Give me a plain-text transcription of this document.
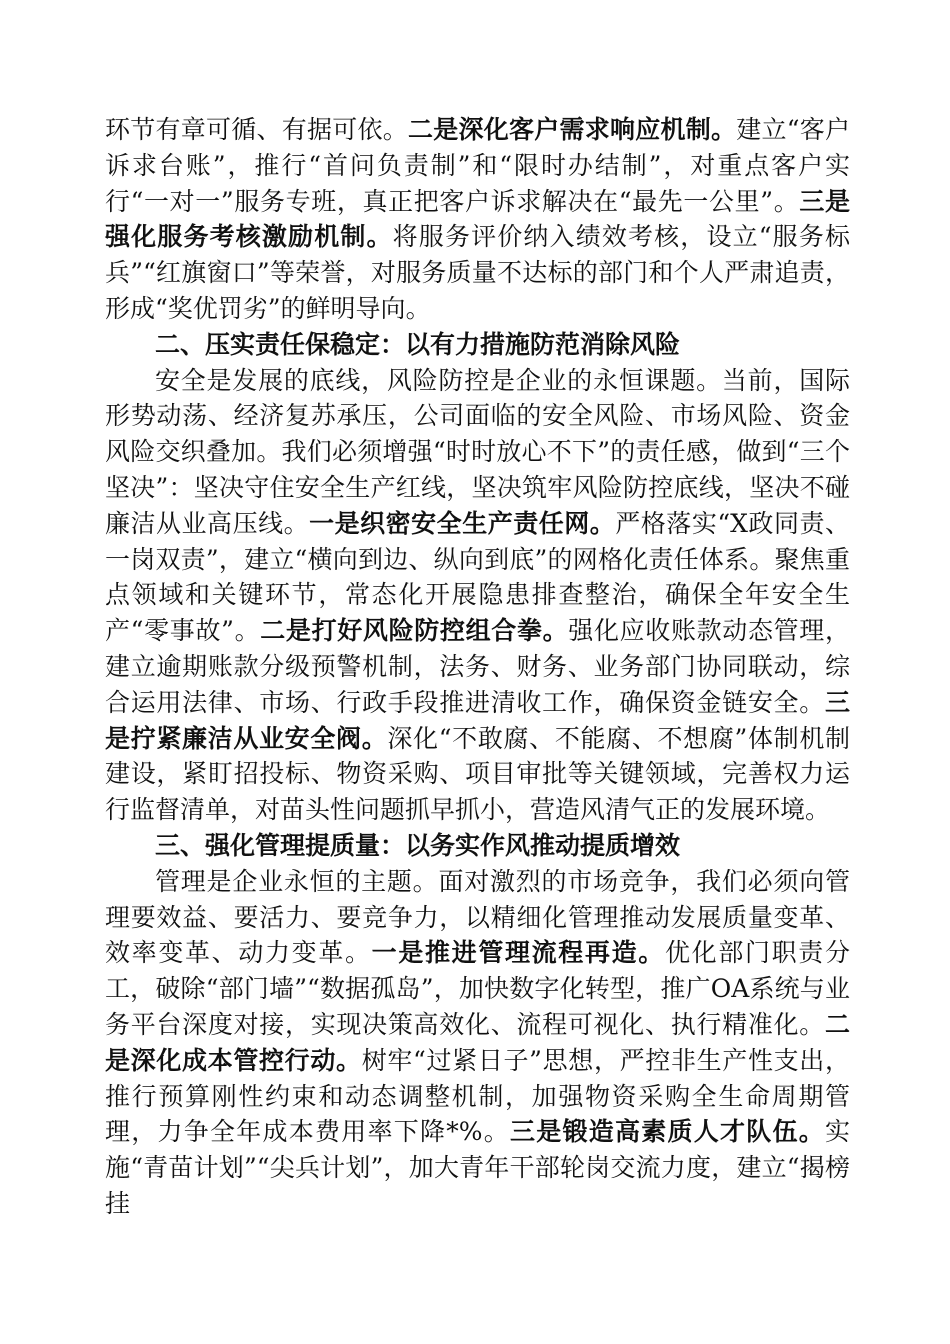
环节有章可循、有据可依。二是深化客户需求响应机制。建立“客户诉求台账”，推行“首问负责制”和“限时办结制”，对重点客户实行“一对一”服务专班，真正把客户诉求解决在“最先一公里”。三是强化服务考核激励机制。将服务评价纳入绩效考核，设立“服务标兵”“红旗窗口”等荣誉，对服务质量不达标的部门和个人严肃追责，形成“奖优罚劣”的鲜明导向。

二、压实责任保稳定：以有力措施防范消除风险

安全是发展的底线，风险防控是企业的永恒课题。当前，国际形势动荡、经济复苏承压，公司面临的安全风险、市场风险、资金风险交织叠加。我们必须增强“时时放心不下”的责任感，做到“三个坚决”：坚决守住安全生产红线，坚决筑牢风险防控底线，坚决不碰廉洁从业高压线。一是织密安全生产责任网。严格落实“X政同责、一岗双责”，建立“横向到边、纵向到底”的网格化责任体系。聚焦重点领域和关键环节，常态化开展隐患排查整治，确保全年安全生产“零事故”。二是打好风险防控组合拳。强化应收账款动态管理，建立逾期账款分级预警机制，法务、财务、业务部门协同联动，综合运用法律、市场、行政手段推进清收工作，确保资金链安全。三是拧紧廉洁从业安全阀。深化“不敢腐、不能腐、不想腐”体制机制建设，紧盯招投标、物资采购、项目审批等关键领域，完善权力运行监督清单，对苗头性问题抓早抓小，营造风清气正的发展环境。

三、强化管理提质量：以务实作风推动提质增效

管理是企业永恒的主题。面对激烈的市场竞争，我们必须向管理要效益、要活力、要竞争力，以精细化管理推动发展质量变革、效率变革、动力变革。一是推进管理流程再造。优化部门职责分工，破除“部门墙”“数据孤岛”，加快数字化转型，推广OA系统与业务平台深度对接，实现决策高效化、流程可视化、执行精准化。二是深化成本管控行动。树牢“过紧日子”思想，严控非生产性支出，推行预算刚性约束和动态调整机制，加强物资采购全生命周期管理，力争全年成本费用率下降*%。三是锻造高素质人才队伍。实施“青苗计划”“尖兵计划”，加大青年干部轮岗交流力度，建立“揭榜挂
